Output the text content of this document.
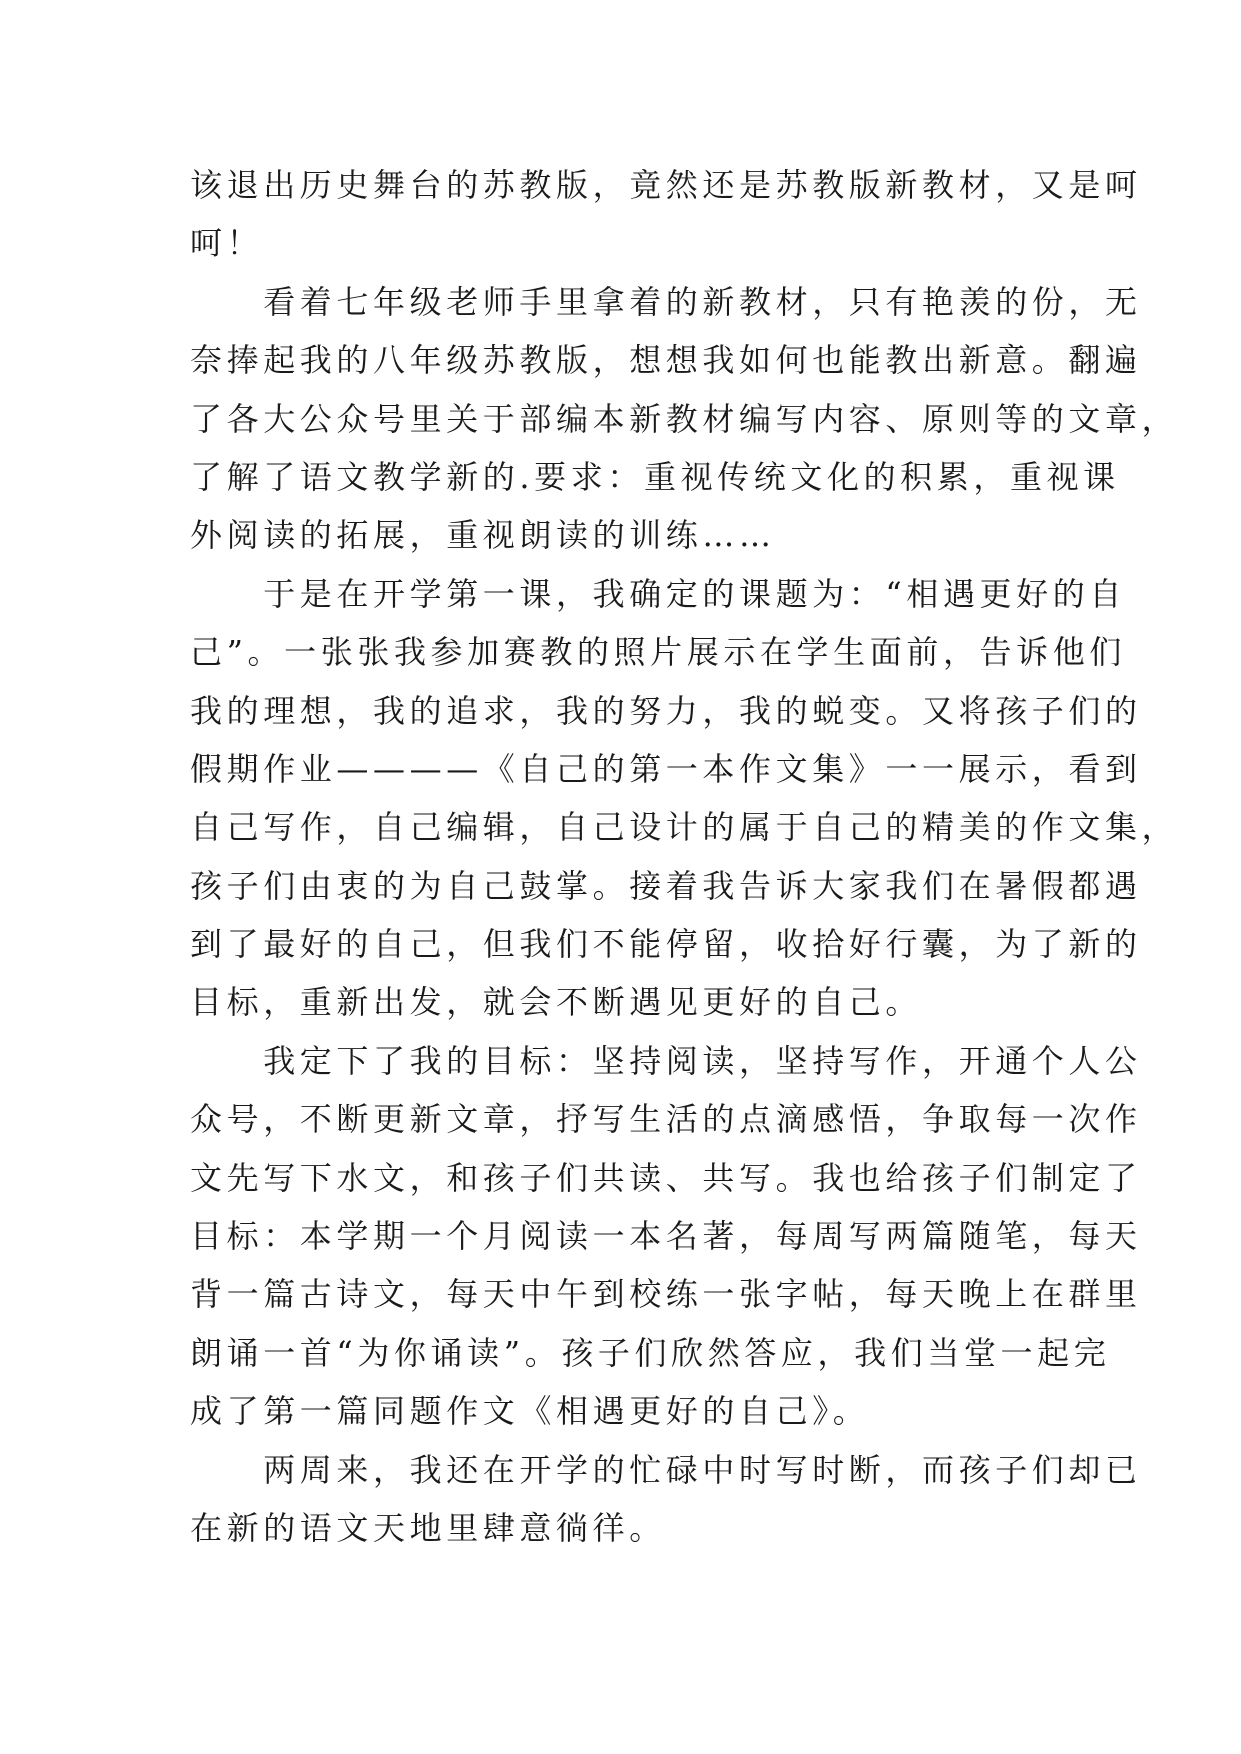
该退出历史舞台的苏教版，竟然还是苏教版新教材，又是呵
呵！
　　看着七年级老师手里拿着的新教材，只有艳羡的份，无
奈捧起我的八年级苏教版，想想我如何也能教出新意。翻遍
了各大公众号里关于部编本新教材编写内容、原则等的文章，
了解了语文教学新的.要求：重视传统文化的积累，重视课
外阅读的拓展，重视朗读的训练……
　　于是在开学第一课，我确定的课题为：“相遇更好的自
己”。一张张我参加赛教的照片展示在学生面前，告诉他们
我的理想，我的追求，我的努力，我的蜕变。又将孩子们的
假期作业————《自己的第一本作文集》一一展示，看到
自己写作，自己编辑，自己设计的属于自己的精美的作文集，
孩子们由衷的为自己鼓掌。接着我告诉大家我们在暑假都遇
到了最好的自己，但我们不能停留，收拾好行囊，为了新的
目标，重新出发，就会不断遇见更好的自己。
　　我定下了我的目标：坚持阅读，坚持写作，开通个人公
众号，不断更新文章，抒写生活的点滴感悟，争取每一次作
文先写下水文，和孩子们共读、共写。我也给孩子们制定了
目标：本学期一个月阅读一本名著，每周写两篇随笔，每天
背一篇古诗文，每天中午到校练一张字帖，每天晚上在群里
朗诵一首“为你诵读”。孩子们欣然答应，我们当堂一起完
成了第一篇同题作文《相遇更好的自己》。
　　两周来，我还在开学的忙碌中时写时断，而孩子们却已
在新的语文天地里肆意徜徉。
